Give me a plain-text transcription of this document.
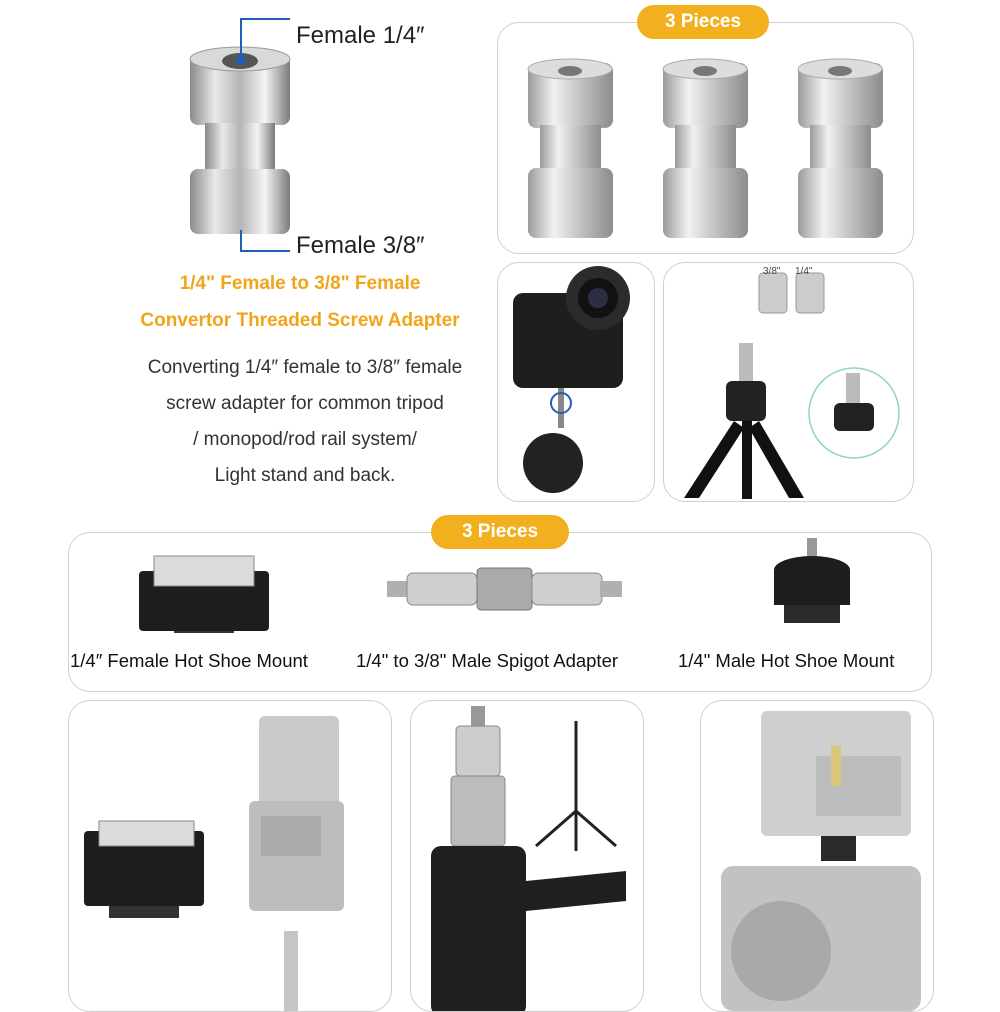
Female 1/4″
Female 3/8″
1/4" Female to 3/8" Female
Convertor Threaded Screw Adapter
Converting 1/4″ female to 3/8″ female
screw adapter for common tripod
/ monopod/rod rail system/
Light stand and back.
3 Pieces
3/8" 1/4"
1/4″ Female Hot Shoe Mount	1/4" to 3/8" Male Spigot Adapter	1/4" Male Hot Shoe Mount
3 Pieces
